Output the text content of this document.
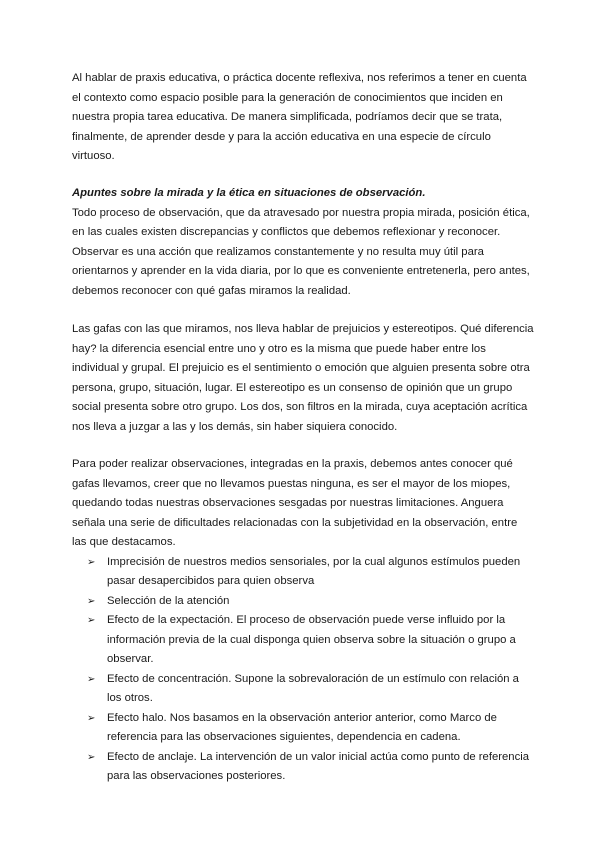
Al hablar de praxis educativa, o práctica docente reflexiva, nos referimos a tener en cuenta el contexto como espacio posible para la generación de conocimientos que inciden en nuestra propia tarea educativa. De manera simplificada, podríamos decir que se trata, finalmente, de aprender desde y para la acción educativa en una especie de círculo virtuoso.

Apuntes sobre la mirada y la ética en situaciones de observación.

Todo proceso de observación, que da atravesado por nuestra propia mirada, posición ética, en las cuales existen discrepancias y conflictos que debemos reflexionar y reconocer. Observar es una acción que realizamos constantemente y no resulta muy útil para orientarnos y aprender en la vida diaria, por lo que es conveniente entretenerla, pero antes, debemos reconocer con qué gafas miramos la realidad.

Las gafas con las que miramos, nos lleva hablar de prejuicios y estereotipos. Qué diferencia hay? la diferencia esencial entre uno y otro es la misma que puede haber entre los individual y grupal. El prejuicio es el sentimiento o emoción que alguien presenta sobre otra persona, grupo, situación, lugar. El estereotipo es un consenso de opinión que un grupo social presenta sobre otro grupo. Los dos, son filtros en la mirada, cuya aceptación acrítica nos lleva a juzgar a las y los demás, sin haber siquiera conocido.

Para poder realizar observaciones, integradas en la praxis, debemos antes conocer qué gafas llevamos, creer que no llevamos puestas ninguna, es ser el mayor de los miopes, quedando todas nuestras observaciones sesgadas por nuestras limitaciones. Anguera señala una serie de dificultades relacionadas con la subjetividad en la observación, entre las que destacamos.

➢ Imprecisión de nuestros medios sensoriales, por la cual algunos estímulos pueden pasar desapercibidos para quien observa
➢ Selección de la atención
➢ Efecto de la expectación. El proceso de observación puede verse influido por la información previa de la cual disponga quien observa sobre la situación o grupo a observar.
➢ Efecto de concentración. Supone la sobrevaloración de un estímulo con relación a los otros.
➢ Efecto halo. Nos basamos en la observación anterior anterior, como Marco de referencia para las observaciones siguientes, dependencia en cadena.
➢ Efecto de anclaje. La intervención de un valor inicial actúa como punto de referencia para las observaciones posteriores.
